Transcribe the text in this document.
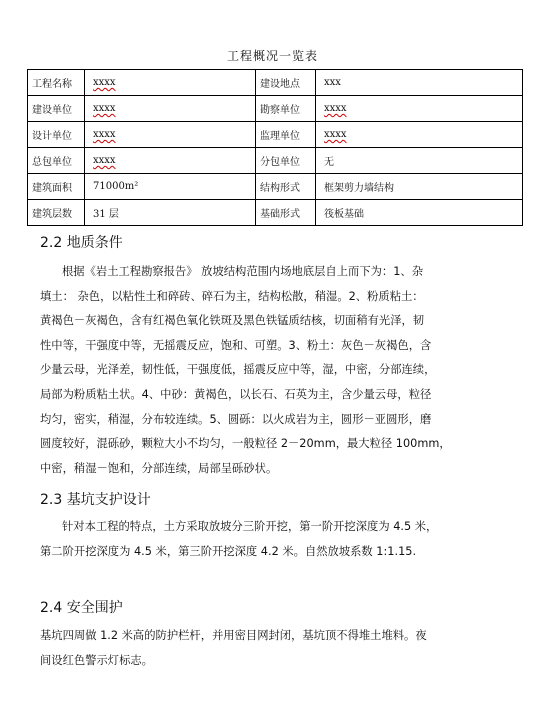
工程概况一览表
工程名称	xxxx	建设地点	xxx
建设单位	xxxx	勘察单位	xxxx
设计单位	xxxx	监理单位	xxxx
总包单位	xxxx	分包单位	无
建筑面积	71000m²	结构形式	框架剪力墙结构
建筑层数	31 层	基础形式	筏板基础
2.2 地质条件
根据《岩土工程勘察报告》 放坡结构范围内场地底层自上而下为：1、杂
填土： 杂色，以粘性土和碎砖、碎石为主，结构松散，稍湿。2、粉质粘土：
黄褐色－灰褐色，含有红褐色氧化铁斑及黑色铁锰质结核，切面稍有光泽，韧
性中等，干强度中等，无摇震反应，饱和、可塑。3、粉土：灰色－灰褐色，含
少量云母，光泽差，韧性低，干强度低，摇震反应中等，湿，中密，分部连续，
局部为粉质粘土状。4、中砂：黄褐色，以长石、石英为主，含少量云母，粒径
均匀，密实，稍湿，分布较连续。5、圆砾：以火成岩为主，圆形－亚圆形，磨
圆度较好，混砾砂，颗粒大小不均匀，一般粒径 2－20mm，最大粒径 100mm，
中密，稍湿－饱和，分部连续，局部呈砾砂状。
2.3 基坑支护设计
针对本工程的特点，土方采取放坡分三阶开挖，第一阶开挖深度为 4.5 米，
第二阶开挖深度为 4.5 米，第三阶开挖深度 4.2 米。自然放坡系数 1:1.15.
2.4 安全围护
基坑四周做 1.2 米高的防护栏杆，并用密目网封闭，基坑顶不得堆土堆料。夜
间设红色警示灯标志。
